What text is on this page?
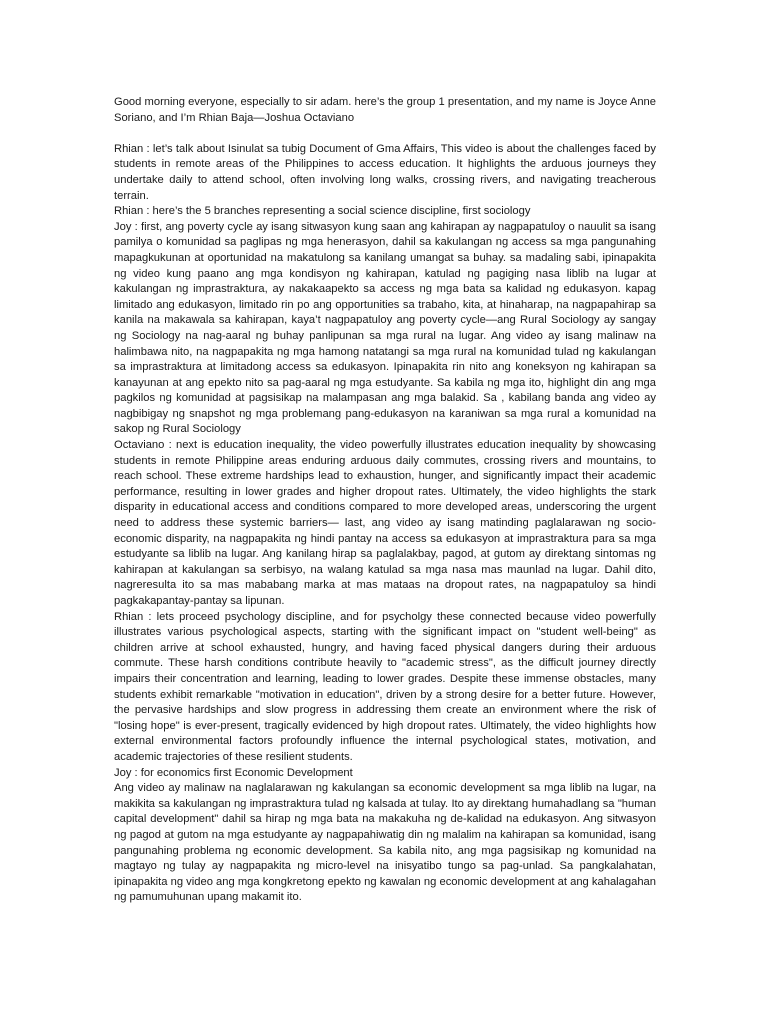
Good morning everyone, especially to sir adam. here’s the group 1 presentation, and my name is Joyce Anne Soriano, and I’m Rhian Baja—Joshua Octaviano

Rhian : let’s talk about Isinulat sa tubig Document of Gma Affairs, This video is about the challenges faced by students in remote areas of the Philippines to access education. It highlights the arduous journeys they undertake daily to attend school, often involving long walks, crossing rivers, and navigating treacherous terrain.

Rhian : here’s the 5 branches representing a social science discipline, first sociology

Joy : first, ang poverty cycle ay isang sitwasyon kung saan ang kahirapan ay nagpapatuloy o nauulit sa isang pamilya o komunidad sa paglipas ng mga henerasyon, dahil sa kakulangan ng access sa mga pangunahing mapagkukunan at oportunidad na makatulong sa kanilang umangat sa buhay. sa madaling sabi, ipinapakita ng video kung paano ang mga kondisyon ng kahirapan, katulad ng pagiging nasa liblib na lugar at kakulangan ng imprastraktura, ay nakakaapekto sa access ng mga bata sa kalidad ng edukasyon. kapag limitado ang edukasyon, limitado rin po ang opportunities sa trabaho, kita, at hinaharap, na nagpapahirap sa kanila na makawala sa kahirapan, kaya’t nagpapatuloy ang poverty cycle—ang Rural Sociology ay sangay ng Sociology na nag-aaral ng buhay panlipunan sa mga rural na lugar. Ang video ay isang malinaw na halimbawa nito, na nagpapakita ng mga hamong natatangi sa mga rural na komunidad tulad ng kakulangan sa imprastraktura at limitadong access sa edukasyon. Ipinapakita rin nito ang koneksyon ng kahirapan sa kanayunan at ang epekto nito sa pag-aaral ng mga estudyante. Sa kabila ng mga ito, highlight din ang mga pagkilos ng komunidad at pagsisikap na malampasan ang mga balakid. Sa , kabilang banda ang video ay nagbibigay ng snapshot ng mga problemang pang-edukasyon na karaniwan sa mga rural a komunidad na sakop ng Rural Sociology

Octaviano : next is education inequality, the video powerfully illustrates education inequality by showcasing students in remote Philippine areas enduring arduous daily commutes, crossing rivers and mountains, to reach school. These extreme hardships lead to exhaustion, hunger, and significantly impact their academic performance, resulting in lower grades and higher dropout rates. Ultimately, the video highlights the stark disparity in educational access and conditions compared to more developed areas, underscoring the urgent need to address these systemic barriers— last, ang video ay isang matinding paglalarawan ng socio-economic disparity, na nagpapakita ng hindi pantay na access sa edukasyon at imprastraktura para sa mga estudyante sa liblib na lugar. Ang kanilang hirap sa paglalakbay, pagod, at gutom ay direktang sintomas ng kahirapan at kakulangan sa serbisyo, na walang katulad sa mga nasa mas maunlad na lugar. Dahil dito, nagreresulta ito sa mas mababang marka at mas mataas na dropout rates, na nagpapatuloy sa hindi pagkakapantay-pantay sa lipunan.

Rhian : lets proceed psychology discipline, and for psycholgy these connected because video powerfully illustrates various psychological aspects, starting with the significant impact on "student well-being" as children arrive at school exhausted, hungry, and having faced physical dangers during their arduous commute. These harsh conditions contribute heavily to "academic stress", as the difficult journey directly impairs their concentration and learning, leading to lower grades. Despite these immense obstacles, many students exhibit remarkable "motivation in education", driven by a strong desire for a better future. However, the pervasive hardships and slow progress in addressing them create an environment where the risk of "losing hope" is ever-present, tragically evidenced by high dropout rates. Ultimately, the video highlights how external environmental factors profoundly influence the internal psychological states, motivation, and academic trajectories of these resilient students.

Joy : for economics first Economic Development

Ang video ay malinaw na naglalarawan ng kakulangan sa economic development sa mga liblib na lugar, na makikita sa kakulangan ng imprastraktura tulad ng kalsada at tulay. Ito ay direktang humahadlang sa "human capital development" dahil sa hirap ng mga bata na makakuha ng de-kalidad na edukasyon. Ang sitwasyon ng pagod at gutom na mga estudyante ay nagpapahiwatig din ng malalim na kahirapan sa komunidad, isang pangunahing problema ng economic development. Sa kabila nito, ang mga pagsisikap ng komunidad na magtayo ng tulay ay nagpapakita ng micro-level na inisyatibo tungo sa pag-unlad. Sa pangkalahatan, ipinapakita ng video ang mga kongkretong epekto ng kawalan ng economic development at ang kahalagahan ng pamumuhunan upang makamit ito.
